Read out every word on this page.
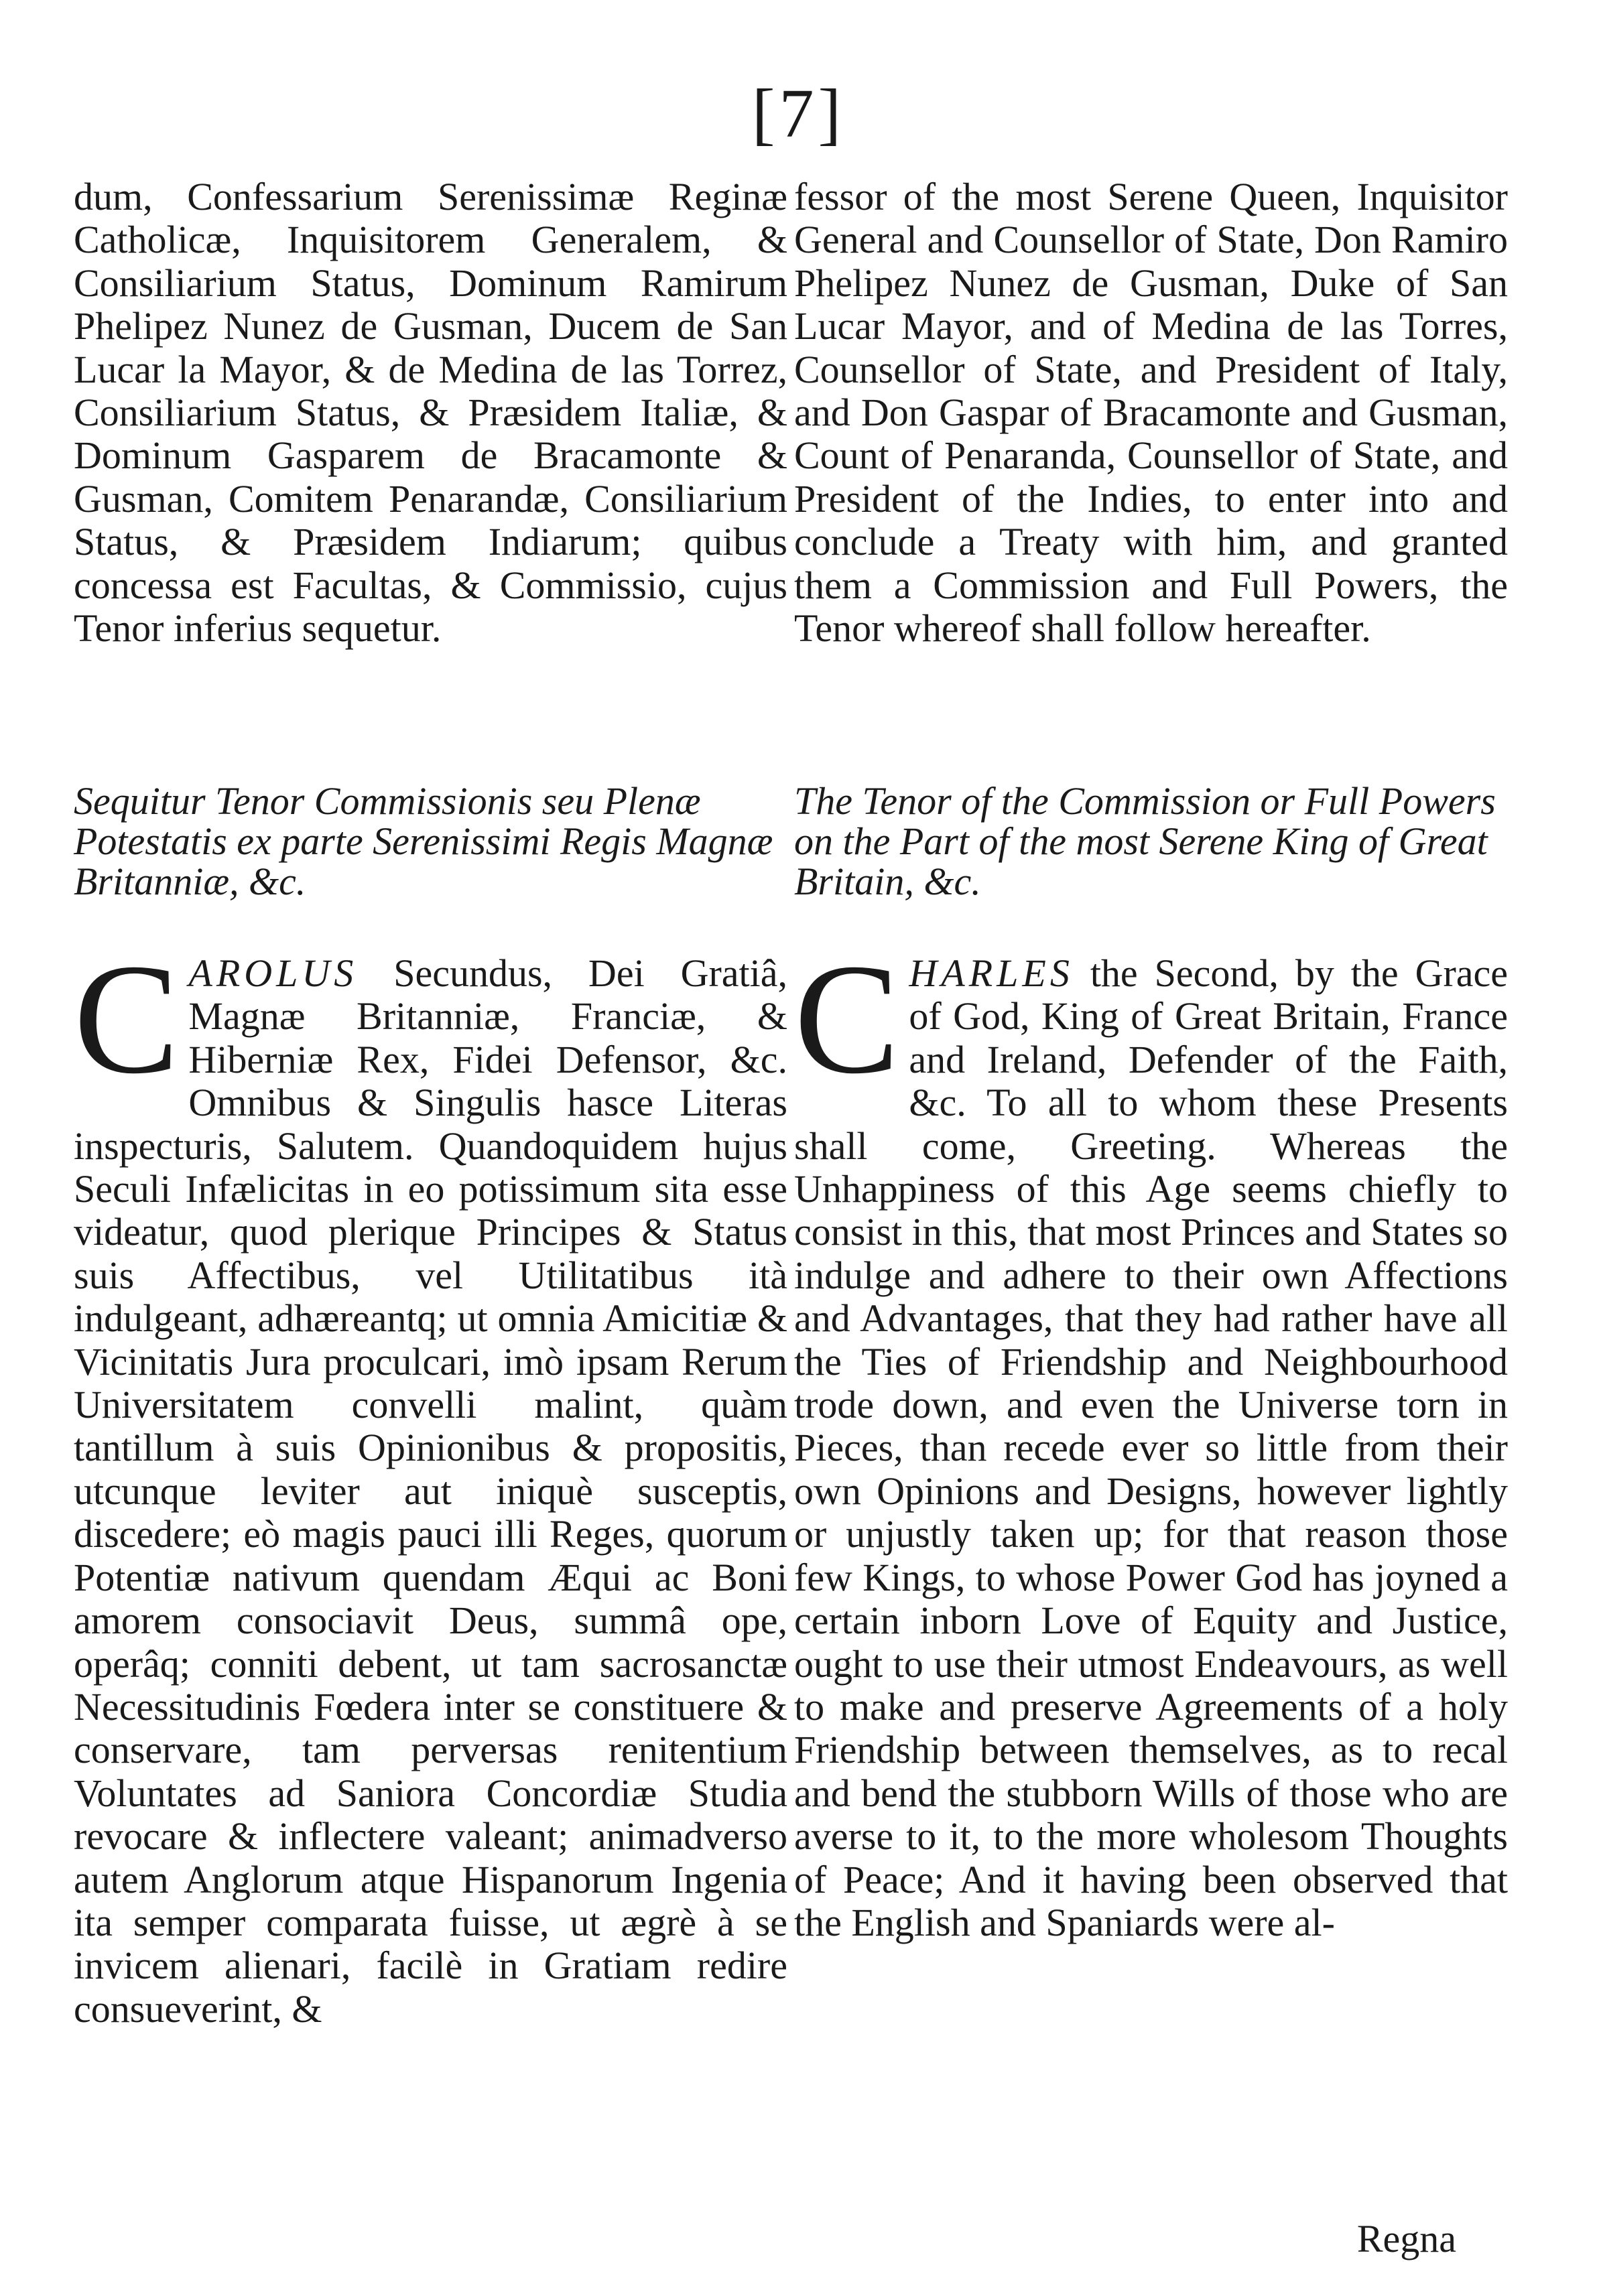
[7]

dum, Confessarium Serenissimæ Reginæ Catholicæ, Inquisitorem Generalem, & Consiliarium Status, Dominum Ramirum Phelipez Nunez de Gusman, Ducem de San Lucar la Mayor, & de Medina de las Torrez, Consiliarium Status, & Præsidem Italiæ, & Dominum Gasparem de Bracamonte & Gusman, Comitem Penarandæ, Consiliarium Status, & Præsidem Indiarum; quibus concessa est Facultas, & Commissio, cujus Tenor inferius sequetur.

Sequitur Tenor Commissionis seu Plenæ Potestatis ex parte Serenissimi Regis Magnæ Britanniæ, &c.

CAROLUS Secundus, Dei Gratiâ, Magnæ Britanniæ, Franciæ, & Hiberniæ Rex, Fidei Defensor, &c. Omnibus & Singulis hasce Literas inspecturis, Salutem. Quandoquidem hujus Seculi Infælicitas in eo potissimum sita esse videatur, quod plerique Principes & Status suis Affectibus, vel Utilitatibus ità indulgeant, adhæreantq; ut omnia Amicitiæ & Vicinitatis Jura proculcari, imò ipsam Rerum Universitatem convelli malint, quàm tantillum à suis Opinionibus & propositis, utcunque leviter aut iniquè susceptis, discedere; eò magis pauci illi Reges, quorum Potentiæ nativum quendam Æqui ac Boni amorem consociavit Deus, summâ ope, operâq; conniti debent, ut tam sacrosanctæ Necessitudinis Fœdera inter se constituere & conservare, tam perversas renitentium Voluntates ad Saniora Concordiæ Studia revocare & inflectere valeant; animadverso autem Anglorum atque Hispanorum Ingenia ita semper comparata fuisse, ut ægrè à se invicem alienari, facilè in Gratiam redire consueverint, &

fessor of the most Serene Queen, Inquisitor General and Counsellor of State, Don Ramiro Phelipez Nunez de Gusman, Duke of San Lucar Mayor, and of Medina de las Torres, Counsellor of State, and President of Italy, and Don Gaspar of Bracamonte and Gusman, Count of Penaranda, Counsellor of State, and President of the Indies, to enter into and conclude a Treaty with him, and granted them a Commission and Full Powers, the Tenor whereof shall follow hereafter.

The Tenor of the Commission or Full Powers on the Part of the most Serene King of Great Britain, &c.

CHARLES the Second, by the Grace of God, King of Great Britain, France and Ireland, Defender of the Faith, &c. To all to whom these Presents shall come, Greeting. Whereas the Unhappiness of this Age seems chiefly to consist in this, that most Princes and States so indulge and adhere to their own Affections and Advantages, that they had rather have all the Ties of Friendship and Neighbourhood trode down, and even the Universe torn in Pieces, than recede ever so little from their own Opinions and Designs, however lightly or unjustly taken up; for that reason those few Kings, to whose Power God has joyned a certain inborn Love of Equity and Justice, ought to use their utmost Endeavours, as well to make and preserve Agreements of a holy Friendship between themselves, as to recal and bend the stubborn Wills of those who are averse to it, to the more wholesom Thoughts of Peace; And it having been observed that the English and Spaniards were al-

Regna
